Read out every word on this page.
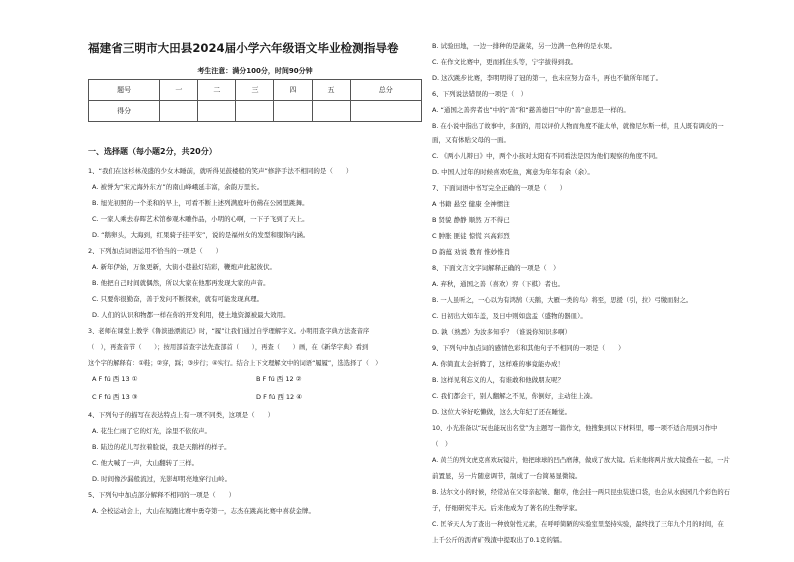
福建省三明市大田县2024届小学六年级语文毕业检测指导卷
考生注意：满分100分，时间90分钟
题号	一	二	三	四	五	总分
得分						
一、选择题（每小题2分，共20分）
1、“我们在这杉林茂盛的少女木睡前，就听得见鼓楼般的笑声”修辞手法不相同的是（　　）
A. 被誉为“宋元海外东方”的南山峰峨延丰富，余韵万里长。
B. 旭光初照的一个柔和的早上，可看不断上述列满庭叶仿佛在公园里跳舞。
C. 一家人乘去春晖艺术馆参观木雕作品，小明的心啊，一下子飞到了天上。
D. “鹅卵头，大海到，红果骑子挂平安”，说的是福州女的发型和服饰内涵。
2、下列加点词语运用不恰当的一项是（　　）
A. 新年伊始，万象更新，大街小巷悬灯结彩，鞭炮声此起彼伏。
B. 他把自己时间就偶然，所以大家在他那再发现大家的声音。
C. 只要你很勤奋，善于发问不断探索，就有可能发现真理。
D. 人们的认识和物都一样在你的开发利用，使土地资源被最大效用。
3、老师在课堂上教学《鲁滨逊漂流记》时，“履”让我们通过自学理解字义。小明用查字典方法查音序
（　），再查音节（　　）；按用部首查字法先查部首（　　），再查（　　）画，在《新华字典》看到
这个字的解释有：①鞋；②穿，踩；③步行；④实行。结合上下文理解文中的词语“履履”，选选择了（　）
A F fú 西 13 ①	B F fú 西 12 ②
C F fú 西 13 ③	D F fú 西 12 ④
4、下列句子的描写在表达特点上有一项不同类，这项是（　　）
A. 花生仁雨了它的灯光，涂里不依依声。
B. 陆边的花儿写拉着脸说，我是天鹅样的样子。
C. 他大喊了一声，大山翻转了三样。
D. 时间像沙漏般流过，光影却明亮地穿行山岭。
5、下列句中加点部分解释不相同的一项是（　　）
A. 全校运动会上，大山在短跑比赛中勇夺第一，志杰在跳高比赛中喜获金牌。
B. 试验田地，一边一排种的是蔬菜，另一边满一色种的是水果。
C. 在作文比赛中，更而抓住头等，宁宇拔得到我。
D. 这次跳步比赛，李明明得了冠的第一，也未应努力奋斗，再也不做所年尾了。
6、下列说法错误的一项是（　）
A. “通国之善弈者也”中的“善”和“慈善德目”中的“善”意思是一样的。
B. 在小说中指出了故事中，多面的，用以评价人物而角度不能太单，就像尼尔斯一样，且人既有调皮的一
面，又有体贴父母的一面。
C. 《两小儿辩日》中，两个小孩对太阳有不同看法是因为他们观察的角度不同。
D. 中国人过年的时候喜欢吃鱼，寓意为年年有余（余）。
7、下面词语中书写完全正确的一项是（　　）
A 书籍 悬空 健康 全神惯注
B 贤貌 静静 顺然 万不得已
C 肿胀 匪徒 惊慌 兴高彩烈
D 韵蕴 劝说 教育 惟妙惟肖
8、下面文言文字词解释正确的一项是（　）
A. 弃秋，通国之善（喜欢）弈（下棋）者也。
B. 一人虽听之，一心以为有鸿鹄（天鹅，大雁一类的鸟）将至，思援（引，拉）弓缴而射之。
C. 日初出大如车盖，及日中则如盘盂（盛物的器皿）。
D. 孰（熟悉）为汝多知乎？（谁说你知识多啊）
9、下列句中加点词的感情色彩和其他句子不相同的一项是（　　）
A. 你简直太会折腾了，这样难的事竟能办成！
B. 这样见利忘义的人，有谁敢和他做朋友呢？
C. 我们都会干，别人翻解之不见，你倒好，主动往上凑。
D. 这位大爷好吃懒做，这么大年纪了还在睡觉。
10、小光准备以“玩也能玩出名堂”为主题写一篇作文，他搜集到以下材料里，哪一项不适合用到习作中
（　）
A. 黄兰的列文虎克喜欢玩镜片，他把球球的凹凸磨薄，做成了放大镜。后来他将两片放大镜叠在一起，一片
前置显，另一片随意调节，制成了一台简易显微镜。
B. 达尔文小的时候，经常站在父母亲起皱、翻草，他会挂一两只昆虫装进口袋，也会从水族园几个彩色的石
子，仔细研究半天。后来他成为了著名的生物学家。
C. 匡爷天人为了查出一种放射性元素，在呼呼简陋的实验室里坚持实验，最终找了三年九个月的时间，在
上千公斤的沥青矿残渣中提取出了0.1克的镭。
